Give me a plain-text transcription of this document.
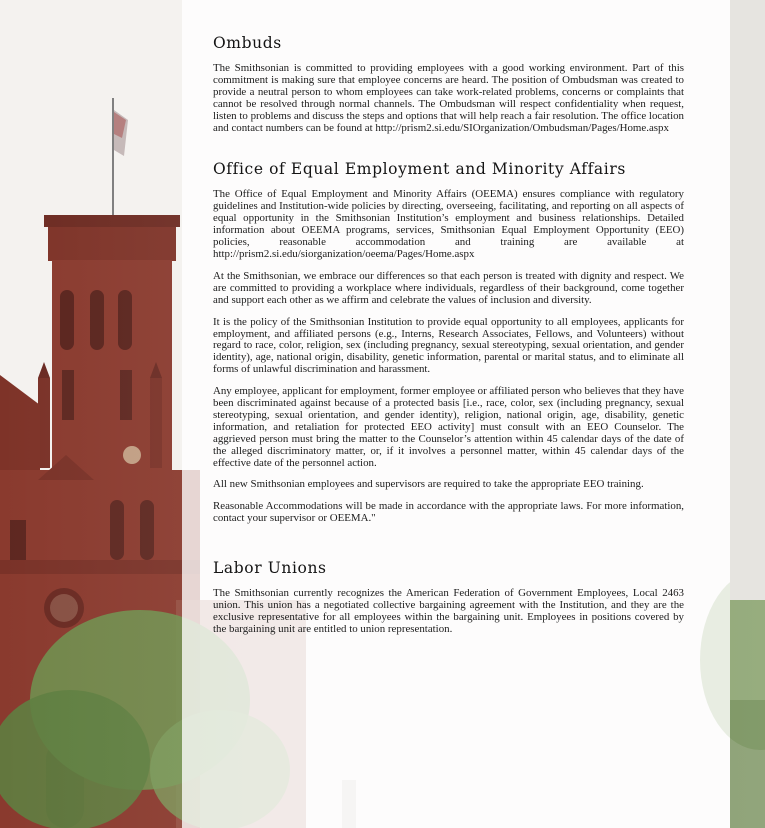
Ombuds

The Smithsonian is committed to providing employees with a good working environment. Part of this commitment is making sure that employee concerns are heard. The position of Ombudsman was created to provide a neutral person to whom employees can take work-related problems, concerns or complaints that cannot be resolved through normal channels. The Ombudsman will respect confidentiality when request, listen to problems and discuss the steps and options that will help reach a fair resolution. The office location and contact numbers can be found at http://prism2.si.edu/SIOrganization/Ombudsman/Pages/Home.aspx

Office of Equal Employment and Minority Affairs

The Office of Equal Employment and Minority Affairs (OEEMA) ensures compliance with regulatory guidelines and Institution-wide policies by directing, overseeing, facilitating, and reporting on all aspects of equal opportunity in the Smithsonian Institution’s employment and business relationships. Detailed information about OEEMA programs, services, Smithsonian Equal Employment Opportunity (EEO) policies, reasonable accommodation and training are available at http://prism2.si.edu/siorganization/oeema/Pages/Home.aspx

At the Smithsonian, we embrace our differences so that each person is treated with dignity and respect. We are committed to providing a workplace where individuals, regardless of their background, come together and support each other as we affirm and celebrate the values of inclusion and diversity.

It is the policy of the Smithsonian Institution to provide equal opportunity to all employees, applicants for employment, and affiliated persons (e.g., Interns, Research Associates, Fellows, and Volunteers) without regard to race, color, religion, sex (including pregnancy, sexual stereotyping, sexual orientation, and gender identity), age, national origin, disability, genetic information, parental or marital status, and to eliminate all forms of unlawful discrimination and harassment.

Any employee, applicant for employment, former employee or affiliated person who believes that they have been discriminated against because of a protected basis [i.e., race, color, sex (including pregnancy, sexual stereotyping, sexual orientation, and gender identity), religion, national origin, age, disability, genetic information, and retaliation for protected EEO activity] must consult with an EEO Counselor. The aggrieved person must bring the matter to the Counselor’s attention within 45 calendar days of the date of the alleged discriminatory matter, or, if it involves a personnel matter, within 45 calendar days of the effective date of the personnel action.

All new Smithsonian employees and supervisors are required to take the appropriate EEO training.

Reasonable Accommodations will be made in accordance with the appropriate laws. For more information, contact your supervisor or OEEMA."

Labor Unions

The Smithsonian currently recognizes the American Federation of Government Employees, Local 2463 union. This union has a negotiated collective bargaining agreement with the Institution, and they are the exclusive representative for all employees within the bargaining unit. Employees in positions covered by the bargaining unit are entitled to union representation.
